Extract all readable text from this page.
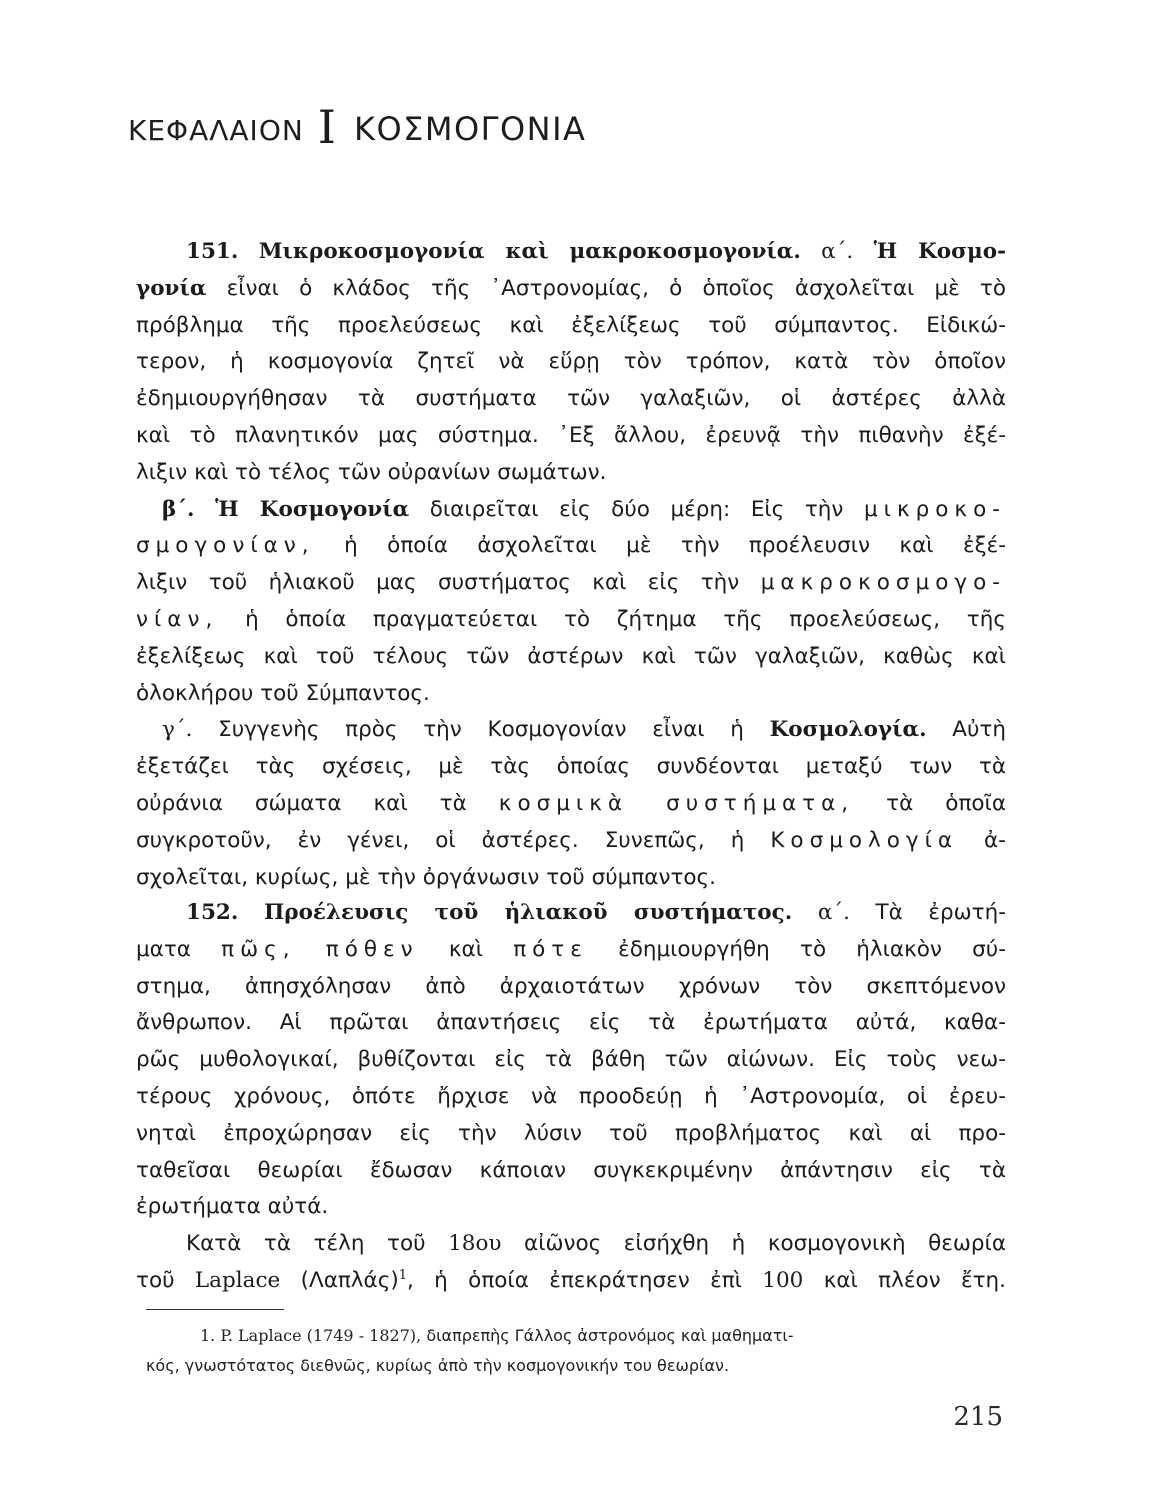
ΚΕΦΑΛΑΙΟΝ I ΚΟΣΜΟΓΟΝΙΑ
151. Μικροκοσμογονία καὶ μακροκοσμογονία. α΄. Ἡ Κοσμο-
γονία εἶναι ὁ κλάδος τῆς ᾿Αστρονομίας, ὁ ὁποῖος ἀσχολεῖται μὲ τὸ
πρόβλημα τῆς προελεύσεως καὶ ἐξελίξεως τοῦ σύμπαντος. Εἰδικώ-
τερον, ἡ κοσμογονία ζητεῖ νὰ εὕρῃ τὸν τρόπον, κατὰ τὸν ὁποῖον
ἐδημιουργήθησαν τὰ συστήματα τῶν γαλαξιῶν, οἱ ἀστέρες ἀλλὰ
καὶ τὸ πλανητικόν μας σύστημα. ᾿Εξ ἄλλου, ἐρευνᾷ τὴν πιθανὴν ἐξέ-
λιξιν καὶ τὸ τέλος τῶν οὐρανίων σωμάτων.
β΄. Ἡ Κοσμογονία διαιρεῖται εἰς δύο μέρη: Εἰς τὴν μικροκο-
σμογονίαν, ἡ ὁποία ἀσχολεῖται μὲ τὴν προέλευσιν καὶ ἐξέ-
λιξιν τοῦ ἡλιακοῦ μας συστήματος καὶ εἰς τὴν μακροκοσμογο-
νίαν, ἡ ὁποία πραγματεύεται τὸ ζήτημα τῆς προελεύσεως, τῆς
ἐξελίξεως καὶ τοῦ τέλους τῶν ἀστέρων καὶ τῶν γαλαξιῶν, καθὼς καὶ
ὁλοκλήρου τοῦ Σύμπαντος.
γ΄. Συγγενὴς πρὸς τὴν Κοσμογονίαν εἶναι ἡ Κοσμολογία. Αὐτὴ
ἐξετάζει τὰς σχέσεις, μὲ τὰς ὁποίας συνδέονται μεταξύ των τὰ
οὐράνια σώματα καὶ τὰ κοσμικὰ συστήματα, τὰ ὁποῖα
συγκροτοῦν, ἐν γένει, οἱ ἀστέρες. Συνεπῶς, ἡ Κοσμολογία ἀ-
σχολεῖται, κυρίως, μὲ τὴν ὀργάνωσιν τοῦ σύμπαντος.
152. Προέλευσις τοῦ ἡλιακοῦ συστήματος. α΄. Τὰ ἐρωτή-
ματα πῶς, πόθεν καὶ πότε ἐδημιουργήθη τὸ ἡλιακὸν σύ-
στημα, ἀπησχόλησαν ἀπὸ ἀρχαιοτάτων χρόνων τὸν σκεπτόμενον
ἄνθρωπον. Αἱ πρῶται ἀπαντήσεις εἰς τὰ ἐρωτήματα αὐτά, καθα-
ρῶς μυθολογικαί, βυθίζονται εἰς τὰ βάθη τῶν αἰώνων. Εἰς τοὺς νεω-
τέρους χρόνους, ὁπότε ἤρχισε νὰ προοδεύῃ ἡ ᾿Αστρονομία, οἱ ἐρευ-
νηταὶ ἐπροχώρησαν εἰς τὴν λύσιν τοῦ προβλήματος καὶ αἱ προ-
ταθεῖσαι θεωρίαι ἔδωσαν κάποιαν συγκεκριμένην ἀπάντησιν εἰς τὰ
ἐρωτήματα αὐτά.
Κατὰ τὰ τέλη τοῦ 18ου αἰῶνος εἰσήχθη ἡ κοσμογονικὴ θεωρία
τοῦ Laplace $(\Lambda\alpha\pi\lambda ά\varsigma)^1$, ἡ ὁποία ἐπεκράτησεν ἐπὶ 100 καὶ πλέον ἔτη.
1. P. Laplace (1749 - 1827), διαπρεπὴς Γάλλος ἀστρονόμος καὶ μαθηματι-
κός, γνωστότατος διεθνῶς, κυρίως ἀπὸ τὴν κοσμογονικήν του θεωρίαν.
215
